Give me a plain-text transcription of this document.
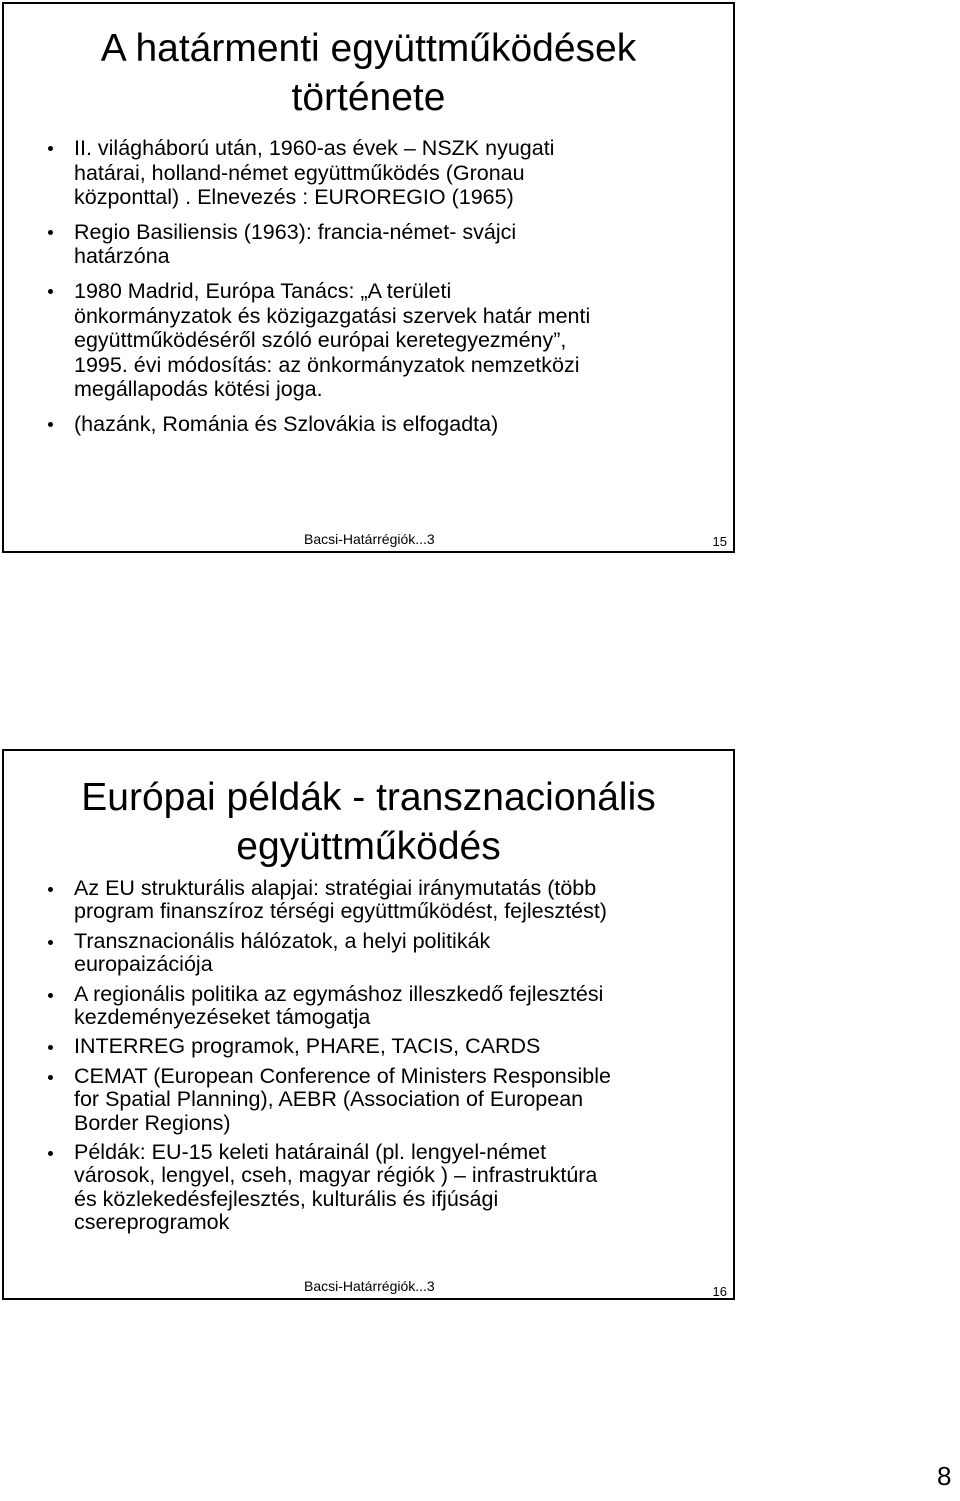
A határmenti együttműködések
története
II. világháború után, 1960-as évek – NSZK nyugati
határai, holland-német együttműködés (Gronau
központtal) . Elnevezés : EUROREGIO (1965)
Regio Basiliensis (1963): francia-német- svájci
határzóna
1980 Madrid, Európa Tanács: „A területi
önkormányzatok és közigazgatási szervek határ menti
együttműködéséről szóló európai keretegyezmény”,
1995. évi módosítás: az önkormányzatok nemzetközi
megállapodás kötési joga.
(hazánk, Románia és Szlovákia is elfogadta)
Bacsi-Határrégiók...3	15
Európai példák - transznacionális
együttműködés
Az EU strukturális alapjai: stratégiai iránymutatás (több
program finanszíroz térségi együttműködést, fejlesztést)
Transznacionális hálózatok, a helyi politikák
europaizációja
A regionális politika az egymáshoz illeszkedő fejlesztési
kezdeményezéseket támogatja
INTERREG programok, PHARE, TACIS, CARDS
CEMAT (European Conference of Ministers Responsible
for Spatial Planning), AEBR (Association of European
Border Regions)
Példák: EU-15 keleti határainál (pl. lengyel-német
városok, lengyel, cseh, magyar régiók ) – infrastruktúra
és közlekedésfejlesztés, kulturális és ifjúsági
csereprogramok
Bacsi-Határrégiók...3	16
8
